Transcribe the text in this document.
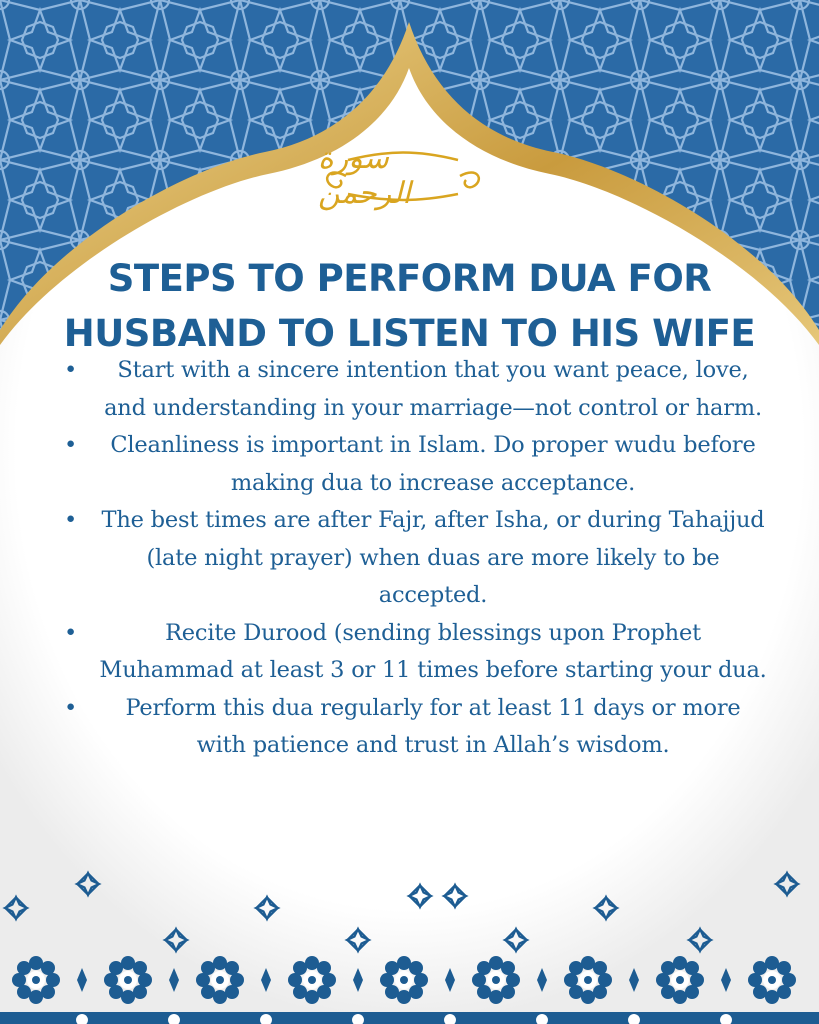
سورة الرحمن
STEPS TO PERFORM DUA FOR
HUSBAND TO LISTEN TO HIS WIFE
• Start with a sincere intention that you want peace, love, and understanding in your marriage—not control or harm.
• Cleanliness is important in Islam. Do proper wudu before making dua to increase acceptance.
• The best times are after Fajr, after Isha, or during Tahajjud (late night prayer) when duas are more likely to be accepted.
•	Recite Durood (sending blessings upon Prophet Muhammad at least 3 or 11 times before starting your dua.
• Perform this dua regularly for at least 11 days or more with patience and trust in Allah’s wisdom.
